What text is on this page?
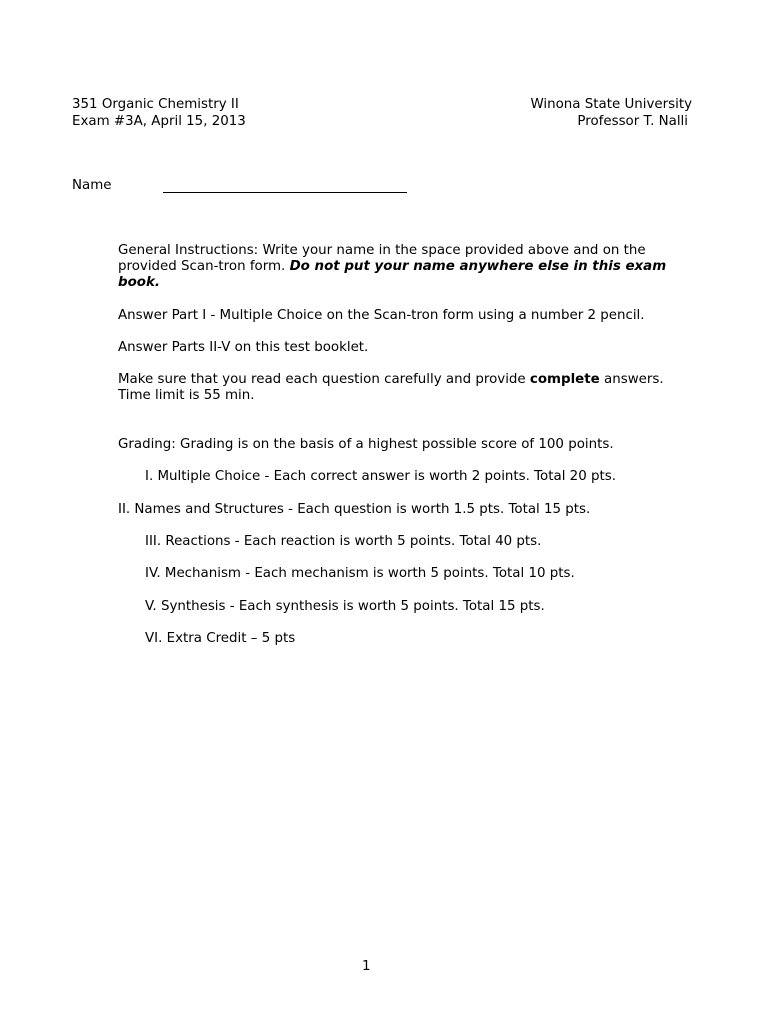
351 Organic Chemistry II
Exam #3A, April 15, 2013
Winona State University
Professor T. Nalli
Name
General Instructions: Write your name in the space provided above and on the provided Scan-tron form. Do not put your name anywhere else in this exam book.
Answer Part I - Multiple Choice on the Scan-tron form using a number 2 pencil.
Answer Parts II-V on this test booklet.
Make sure that you read each question carefully and provide complete answers.
Time limit is 55 min.
Grading: Grading is on the basis of a highest possible score of 100 points.
I. Multiple Choice - Each correct answer is worth 2 points. Total 20 pts.
II. Names and Structures - Each question is worth 1.5 pts. Total 15 pts.
III. Reactions - Each reaction is worth 5 points. Total 40 pts.
IV. Mechanism - Each mechanism is worth 5 points. Total 10 pts.
V. Synthesis - Each synthesis is worth 5 points. Total 15 pts.
VI. Extra Credit – 5 pts
1
